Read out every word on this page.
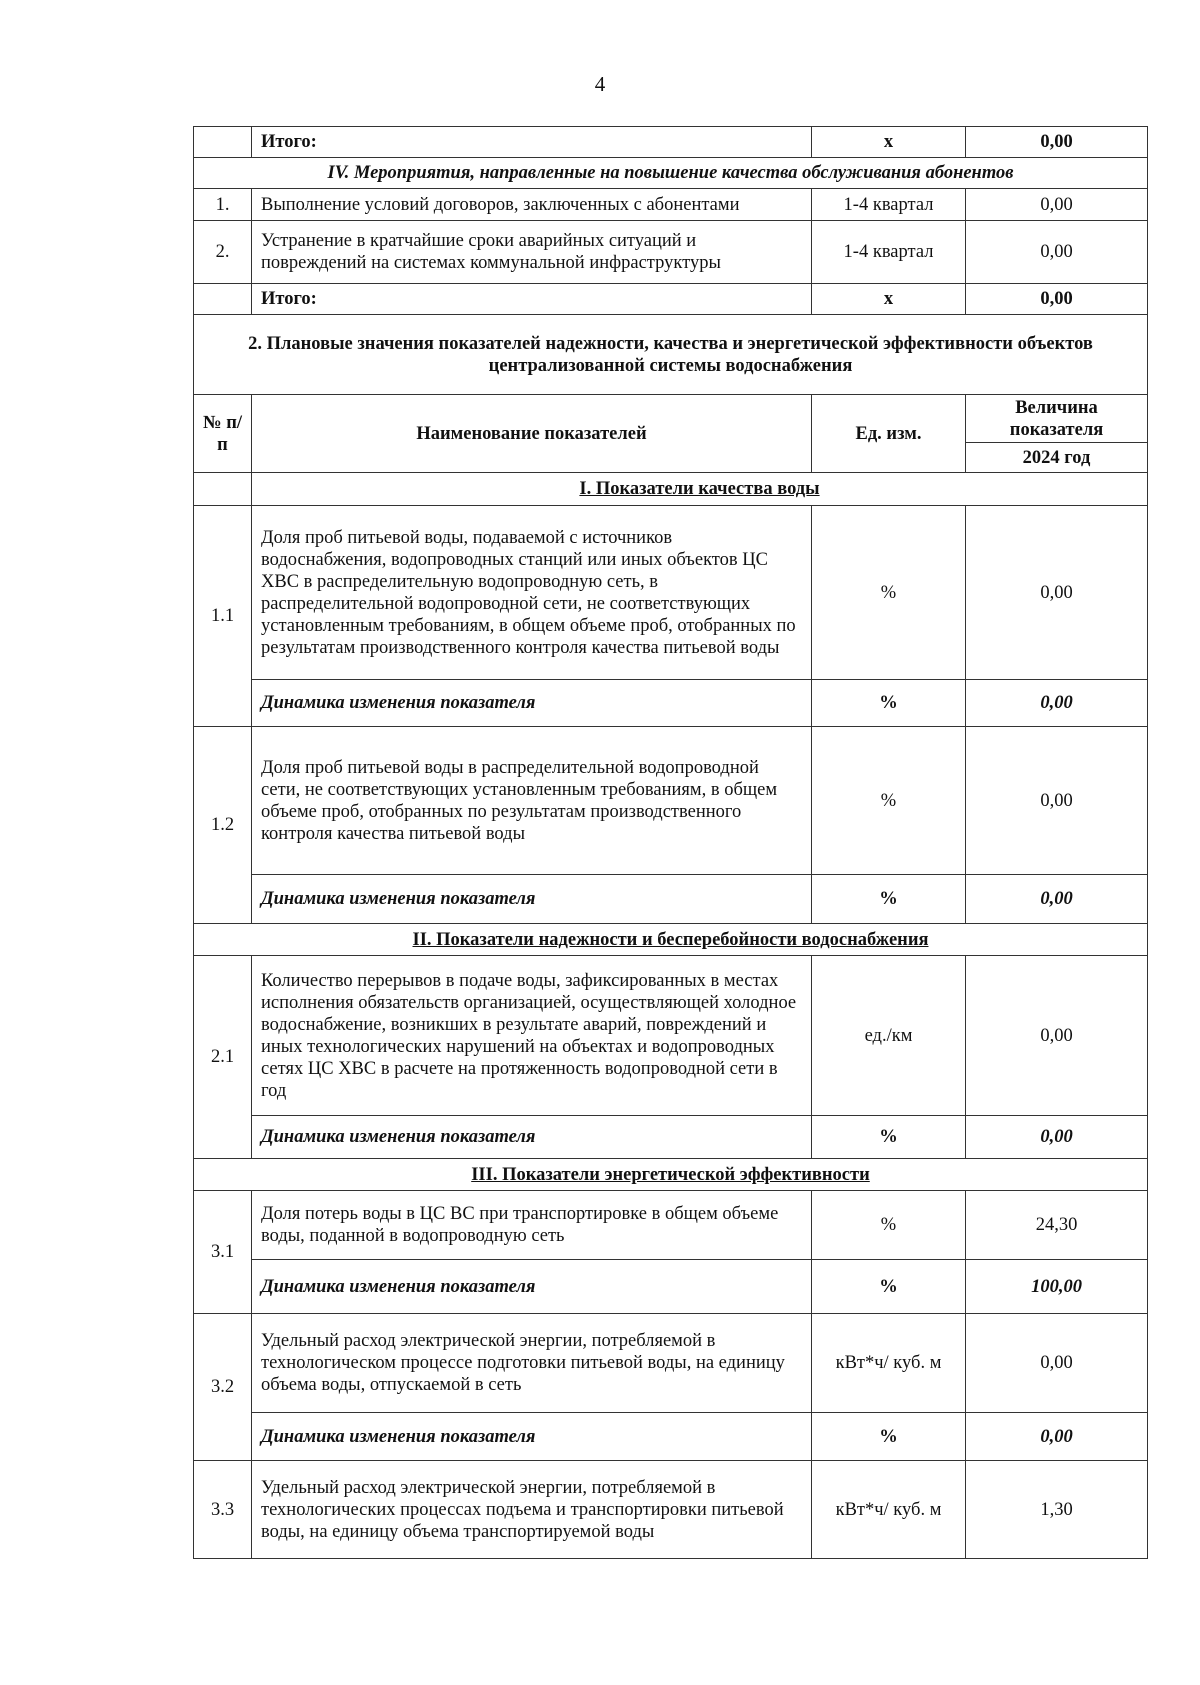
4
	Итого:	х	0,00
IV. Мероприятия, направленные на повышение качества обслуживания абонентов			
1.	Выполнение условий договоров, заключенных с абонентами	1-4 квартал	0,00
2.	Устранение в кратчайшие сроки аварийных ситуаций и повреждений на системах коммунальной инфраструктуры	1-4 квартал	0,00
	Итого:	х	0,00
2. Плановые значения показателей надежности, качества и энергетической эффективности объектов централизованной системы водоснабжения			
№ п/п	Наименование показателей	Ед. изм.	Величина показателя
			2024 год
	I. Показатели качества воды		
1.1	Доля проб питьевой воды, подаваемой с источников водоснабжения, водопроводных станций или иных объектов ЦС ХВС в распределительную водопроводную сеть, в распределительной водопроводной сети, не соответствующих установленным требованиям, в общем объеме проб, отобранных по результатам производственного контроля качества питьевой воды	%	0,00
	Динамика изменения показателя	%	0,00
1.2	Доля проб питьевой воды в распределительной водопроводной сети, не соответствующих установленным требованиям, в общем объеме проб, отобранных по результатам производственного контроля качества питьевой воды	%	0,00
	Динамика изменения показателя	%	0,00
II. Показатели надежности и бесперебойности водоснабжения			
2.1	Количество перерывов в подаче воды, зафиксированных в местах исполнения обязательств организацией, осуществляющей холодное водоснабжение, возникших в результате аварий, повреждений и иных технологических нарушений на объектах и водопроводных сетях ЦС ХВС в расчете на протяженность водопроводной сети в год	ед./км	0,00
	Динамика изменения показателя	%	0,00
III. Показатели энергетической эффективности			
3.1	Доля потерь воды в ЦС ВС при транспортировке в общем объеме воды, поданной в водопроводную сеть	%	24,30
	Динамика изменения показателя	%	100,00
3.2	Удельный расход электрической энергии, потребляемой в технологическом процессе подготовки питьевой воды, на единицу объема воды, отпускаемой в сеть	кВт*ч/ куб. м	0,00
	Динамика изменения показателя	%	0,00
3.3	Удельный расход электрической энергии, потребляемой в технологических процессах подъема и транспортировки питьевой воды, на единицу объема транспортируемой воды	кВт*ч/ куб. м	1,30
